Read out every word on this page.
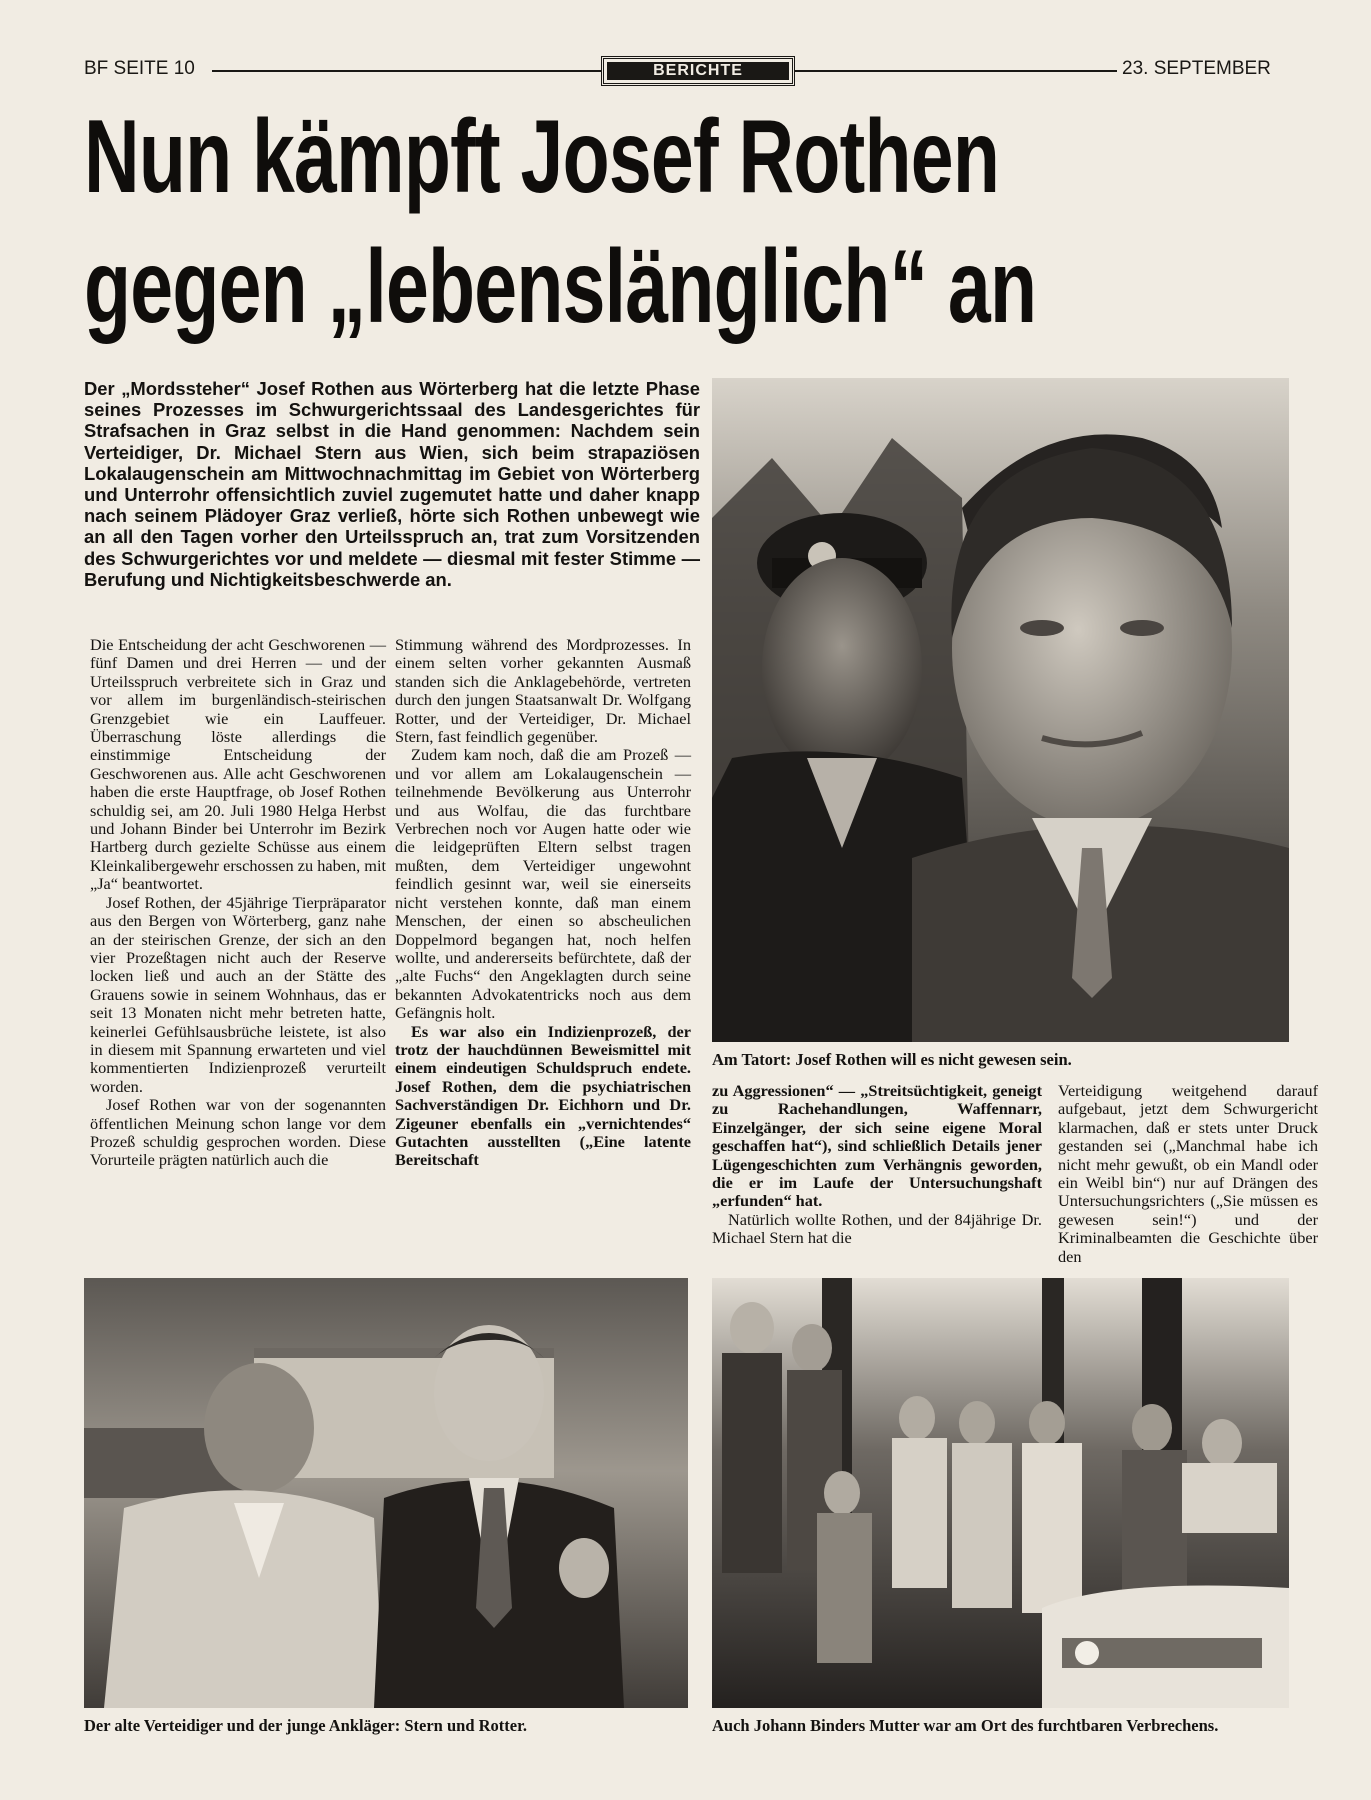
BF SEITE 10	BERICHTE	23. SEPTEMBER
Nun kämpft Josef Rothen
gegen „lebenslänglich“ an
Der „Mordssteher“ Josef Rothen aus Wörterberg hat die letzte Phase seines Prozesses im Schwurgerichtssaal des Landesgerichtes für Strafsachen in Graz selbst in die Hand genommen: Nachdem sein Verteidiger, Dr. Michael Stern aus Wien, sich beim strapaziösen Lokalaugenschein am Mittwochnachmittag im Gebiet von Wörterberg und Unterrohr offensichtlich zuviel zugemutet hatte und daher knapp nach seinem Plädoyer Graz verließ, hörte sich Rothen unbewegt wie an all den Tagen vorher den Urteilsspruch an, trat zum Vorsitzenden des Schwurgerichtes vor und meldete — diesmal mit fester Stimme — Berufung und Nichtigkeitsbeschwerde an.

Die Entscheidung der acht Geschworenen — fünf Damen und drei Herren — und der Urteilsspruch verbreitete sich in Graz und vor allem im burgenländisch-steirischen Grenzgebiet wie ein Lauffeuer. Überraschung löste allerdings die einstimmige Entscheidung der Geschworenen aus. Alle acht Geschworenen haben die erste Hauptfrage, ob Josef Rothen schuldig sei, am 20. Juli 1980 Helga Herbst und Johann Binder bei Unterrohr im Bezirk Hartberg durch gezielte Schüsse aus einem Kleinkalibergewehr erschossen zu haben, mit „Ja“ beantwortet.

Josef Rothen, der 45jährige Tierpräparator aus den Bergen von Wörterberg, ganz nahe an der steirischen Grenze, der sich an den vier Prozeßtagen nicht auch der Reserve locken ließ und auch an der Stätte des Grauens sowie in seinem Wohnhaus, das er seit 13 Monaten nicht mehr betreten hatte, keinerlei Gefühlsausbrüche leistete, ist also in diesem mit Spannung erwarteten und viel kommentierten Indizienprozeß verurteilt worden.

Josef Rothen war von der sogenannten öffentlichen Meinung schon lange vor dem Prozeß schuldig gesprochen worden. Diese Vorurteile prägten natürlich auch die

Stimmung während des Mordprozesses. In einem selten vorher gekannten Ausmaß standen sich die Anklagebehörde, vertreten durch den jungen Staatsanwalt Dr. Wolfgang Rotter, und der Verteidiger, Dr. Michael Stern, fast feindlich gegenüber.

Zudem kam noch, daß die am Prozeß — und vor allem am Lokalaugenschein — teilnehmende Bevölkerung aus Unterrohr und aus Wolfau, die das furchtbare Verbrechen noch vor Augen hatte oder wie die leidgeprüften Eltern selbst tragen mußten, dem Verteidiger ungewohnt feindlich gesinnt war, weil sie einerseits nicht verstehen konnte, daß man einem Menschen, der einen so abscheulichen Doppelmord begangen hat, noch helfen wollte, und andererseits befürchtete, daß der „alte Fuchs“ den Angeklagten durch seine bekannten Advokatentricks noch aus dem Gefängnis holt.

Es war also ein Indizienprozeß, der trotz der hauchdünnen Beweismittel mit einem eindeutigen Schuldspruch endete. Josef Rothen, dem die psychiatrischen Sachverständigen Dr. Eichhorn und Dr. Zigeuner ebenfalls ein „vernichtendes“ Gutachten ausstellten („Eine latente Bereitschaft

Am Tatort: Josef Rothen will es nicht gewesen sein.

zu Aggressionen“ — „Streitsüchtigkeit, geneigt zu Rachehandlungen, Waffennarr, Einzelgänger, der sich seine eigene Moral geschaffen hat“), sind schließlich Details jener Lügengeschichten zum Verhängnis geworden, die er im Laufe der Untersuchungshaft „erfunden“ hat.

Natürlich wollte Rothen, und der 84jährige Dr. Michael Stern hat die

Verteidigung weitgehend darauf aufgebaut, jetzt dem Schwurgericht klarmachen, daß er stets unter Druck gestanden sei („Manchmal habe ich nicht mehr gewußt, ob ein Mandl oder ein Weibl bin“) nur auf Drängen des Untersuchungsrichters („Sie müssen es gewesen sein!“) und der Kriminalbeamten die Geschichte über den

Der alte Verteidiger und der junge Ankläger: Stern und Rotter.	Auch Johann Binders Mutter war am Ort des furchtbaren Verbrechens.
